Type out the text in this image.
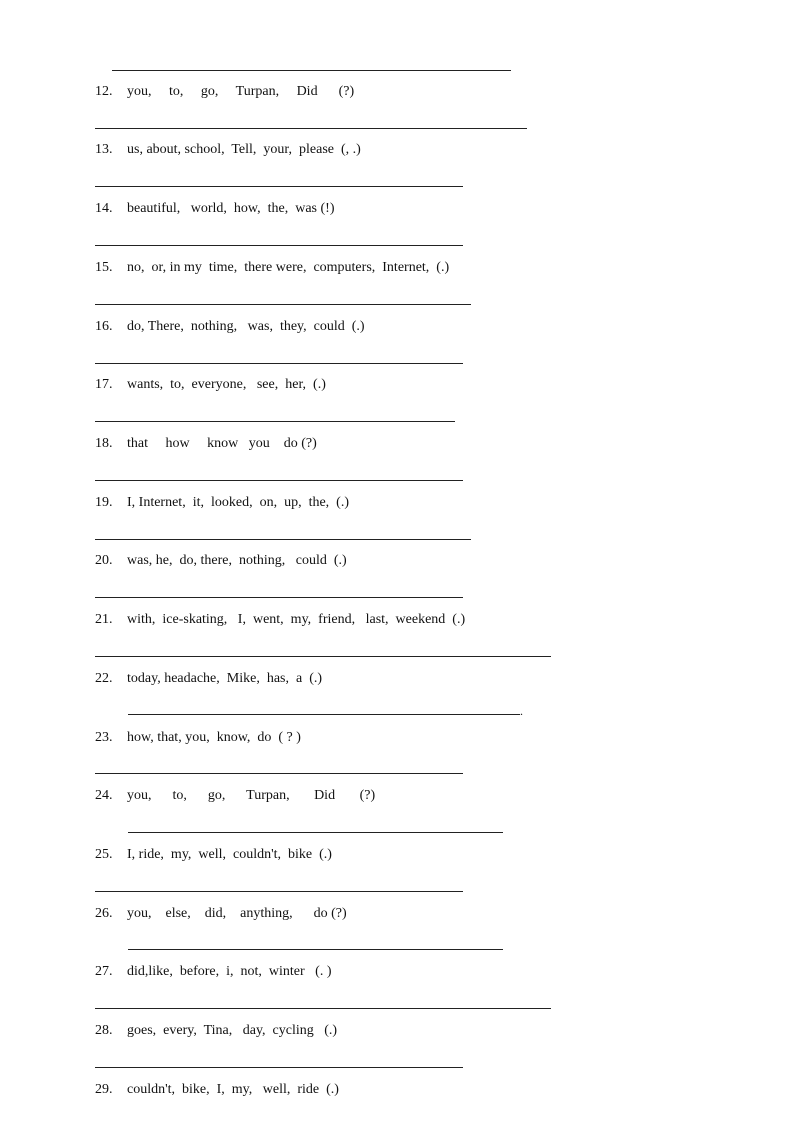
.
12. you,     to,     go,     Turpan,     Did      (?)
13. us, about, school,  Tell,  your,  please  (, .)
14. beautiful,   world,  how,  the,  was (!)
15. no,  or, in my  time,  there were,  computers,  Internet,  (.)
16. do, There,  nothing,   was,  they,  could  (.)
17. wants,  to,  everyone,   see,  her,  (.)
18. that     how     know   you    do (?)
19. I, Internet,  it,  looked,  on,  up,  the,  (.)
20. was, he,  do, there,  nothing,   could  (.)
21. with,  ice-skating,   I,  went,  my,  friend,   last,  weekend  (.)
22. today, headache,  Mike,  has,  a  (.)
23. how, that, you,  know,  do  ( ? )
24. you,      to,      go,      Turpan,       Did       (?)
25. I, ride,  my,  well,  couldn't,  bike  (.)
26. you,    else,    did,    anything,      do (?)
27. did,like,  before,  i,  not,  winter   (. )
28. goes,  every,  Tina,   day,  cycling   (.)
29. couldn't,  bike,  I,  my,   well,  ride  (.)
